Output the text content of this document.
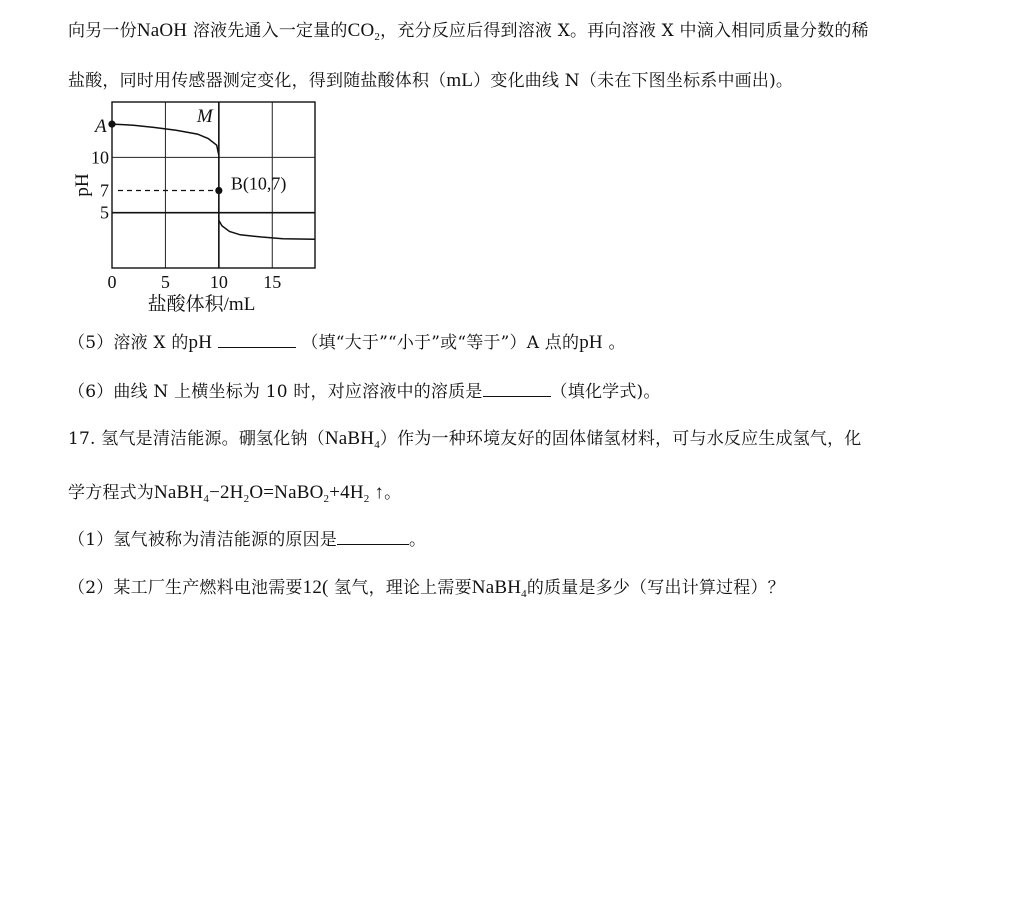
向另一份NaOH 溶液先通入一定量的$CO_2$，充分反应后得到溶液 X。再向溶液 X 中滴入相同质量分数的稀
盐酸，同时用传感器测定变化，得到随盐酸体积（mL）变化曲线 N（未在下图坐标系中画出)。
0 5 10 15
5
7
10
盐酸体积/mL
pH
A	M
B(10,7)
（5）溶液 X 的pH	（填“大于”“小于”或“等于”）A 点的pH 。
（6）曲线 N 上横坐标为 10 时，对应溶液中的溶质是	（填化学式)。
17. 氢气是清洁能源。硼氢化钠（NaBH$_4$）作为一种环境友好的固体储氢材料，可与水反应生成氢气，化
学方程式为$NaBH_4-2H_2O=NaBO_2+4H_2$ ↑。
（1）氢气被称为清洁能源的原因是	。
（2）某工厂生产燃料电池需要12( 氢气，理论上需要NaBH$_4$的质量是多少（写出计算过程）？
